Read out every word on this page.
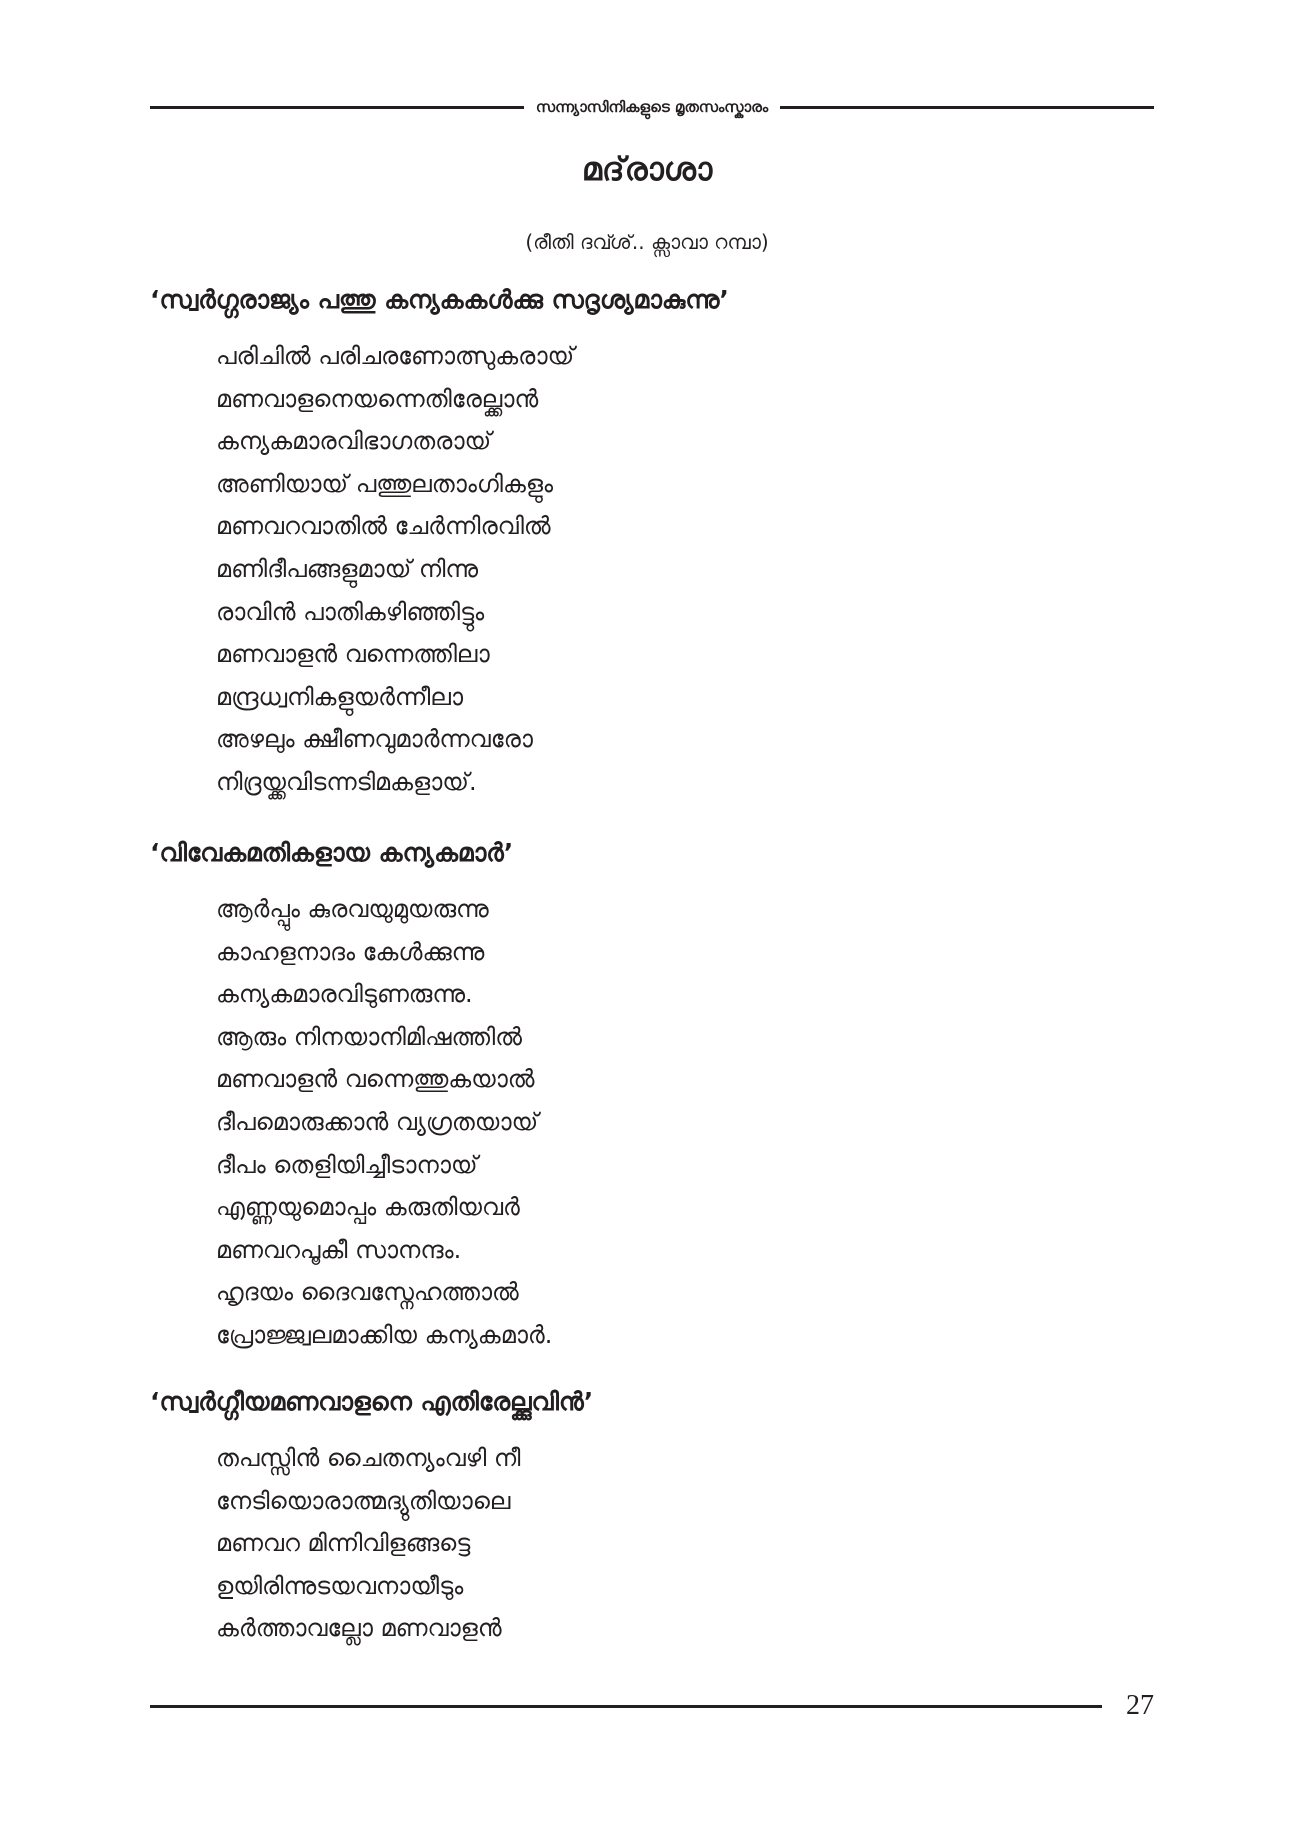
സന്ന്യാസിനികളുടെ മൃതസംസ്കാരം
മദ്‌രാശാ
(രീതി ദവ്ശ്.. ക്സാവാ റമ്പാ)
‘സ്വർഗ്ഗരാജ്യം പത്തു കന്യകകൾക്കു സദൃശ്യമാകുന്നു’
പരിചിൽ പരിചരണോത്സുകരായ്
മണവാളനെയന്നെതിരേല്ക്കാൻ
കന്യകമാരവിഭാഗതരായ്
അണിയായ് പത്തുലതാംഗികളും
മണവറവാതിൽ ചേർന്നിരവിൽ
മണിദീപങ്ങളുമായ് നിന്നു
രാവിൻ പാതികഴിഞ്ഞിട്ടും
മണവാളൻ വന്നെത്തിലാ
മന്ദ്രധ്വനികളുയർന്നീലാ
അഴലും ക്ഷീണവുമാർന്നവരോ
നിദ്രയ്ക്കവിടന്നടിമകളായ്.
‘വിവേകമതികളായ കന്യകമാർ’
ആർപ്പും കുരവയുമുയരുന്നു
കാഹളനാദം കേൾക്കുന്നു
കന്യകമാരവിടുണരുന്നു.
ആരും നിനയാനിമിഷത്തിൽ
മണവാളൻ വന്നെത്തുകയാൽ
ദീപമൊരുക്കാൻ വ്യഗ്രതയായ്
ദീപം തെളിയിച്ചീടാനായ്
എണ്ണയുമൊപ്പം കരുതിയവർ
മണവറപൂകീ സാനന്ദം.
ഹൃദയം ദൈവസ്നേഹത്താൽ
പ്രോജ്ജ്വലമാക്കിയ കന്യകമാർ.
‘സ്വർഗ്ഗീയമണവാളനെ എതിരേല്ക്കുവിൻ’
തപസ്സിൻ ചൈതന്യംവഴി നീ
നേടിയൊരാത്മദ്യുതിയാലെ
മണവറ മിന്നിവിളങ്ങട്ടെ
ഉയിരിന്നുടയവനായീടും
കർത്താവല്ലോ മണവാളൻ
27
